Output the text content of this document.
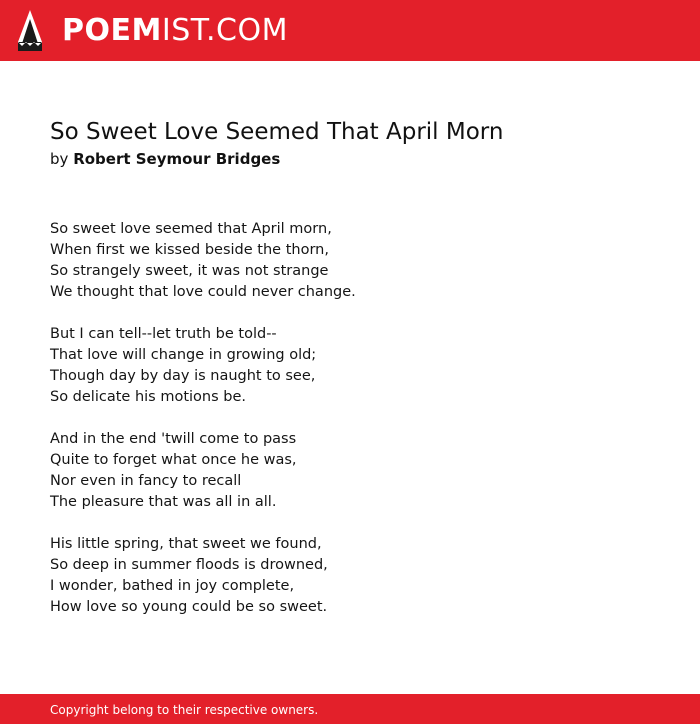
POEMIST.COM
So Sweet Love Seemed That April Morn
by Robert Seymour Bridges
So sweet love seemed that April morn,
When first we kissed beside the thorn,
So strangely sweet, it was not strange
We thought that love could never change.
But I can tell--let truth be told--
That love will change in growing old;
Though day by day is naught to see,
So delicate his motions be.
And in the end 'twill come to pass
Quite to forget what once he was,
Nor even in fancy to recall
The pleasure that was all in all.
His little spring, that sweet we found,
So deep in summer floods is drowned,
I wonder, bathed in joy complete,
How love so young could be so sweet.
Copyright belong to their respective owners.
